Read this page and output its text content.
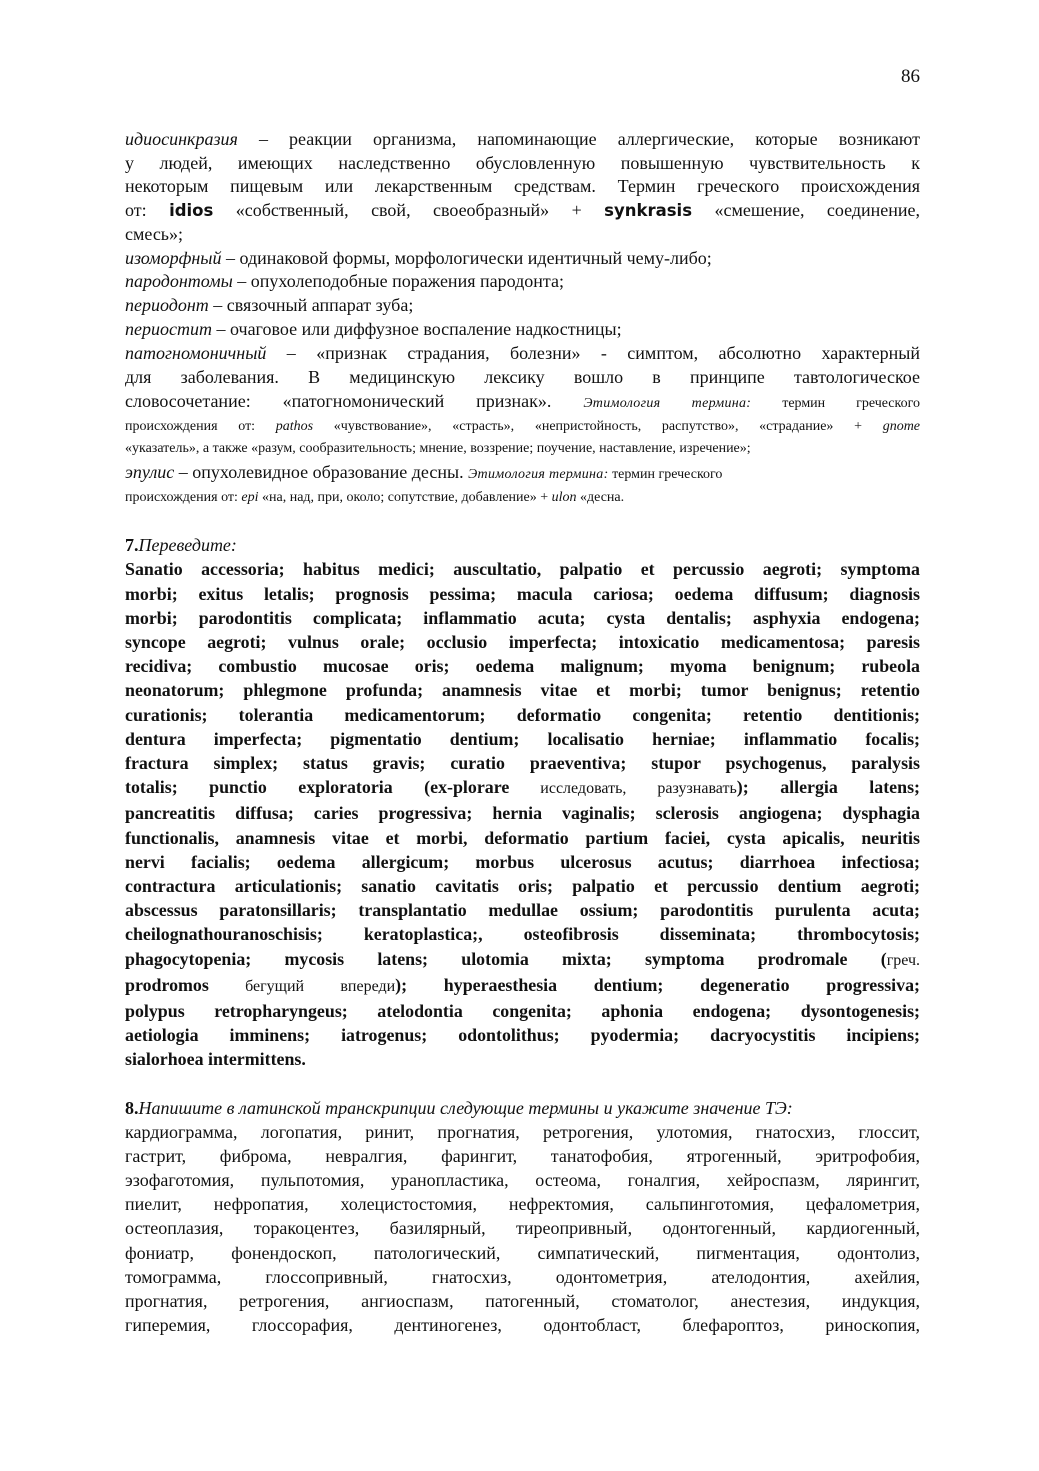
86

идиосинкразия – реакции организма, напоминающие аллергические, которые возникают

у людей, имеющих наследственно обусловленную повышенную чувствительность к

некоторым пищевым или лекарственным средствам. Термин греческого происхождения

от: idios «собственный, свой, своеобразный» + synkrasis «смешение, соединение,

смесь»;

изоморфный – одинаковой формы, морфологически идентичный чему-либо;

пародонтомы – опухолеподобные поражения пародонта;

периодонт – связочный аппарат зуба;

периостит – очаговое или диффузное воспаление надкостницы;

патогномоничный – «признак страдания, болезни» - симптом, абсолютно характерный

для заболевания. В медицинскую лексику вошло в принципе тавтологическое

словосочетание: «патогномонический признак». Этимология термина: термин греческого

происхождения от: pathos «чувствование», «страсть», «непристойность, распутство», «страдание» + gnome

«указатель», а также «разум, сообразительность; мнение, воззрение; поучение, наставление, изречение»;

эпулис – опухолевидное образование десны. Этимология термина: термин греческого

происхождения от: epi «на, над, при, около; сопутствие, добавление» + ulon «десна.

7.Переведите:

Sanatio accessoria; habitus medici; auscultatio, palpatio et percussio aegroti; symptoma

morbi; exitus letalis; prognosis pessima; macula cariosa; oedema diffusum; diagnosis

morbi; parodontitis complicata; inflammatio acuta; cysta dentalis; asphyxia endogena;

syncope aegroti; vulnus orale; occlusio imperfecta; intoxicatio medicamentosa; paresis

recidiva; combustio mucosae oris; oedema malignum; myoma benignum; rubeola

neonatorum; phlegmone profunda; anamnesis vitae et morbi; tumor benignus; retentio

curationis; tolerantia medicamentorum; deformatio congenita; retentio dentitionis;

dentura imperfecta; pigmentatio dentium; localisatio herniae; inflammatio focalis;

fractura simplex; status gravis; curatio praeventiva; stupor psychogenus, paralysis

totalis; punctio exploratoria (ex-plorare исследовать, разузнавать); allergia latens;

pancreatitis diffusa; caries progressiva; hernia vaginalis; sclerosis angiogena; dysphagia

functionalis, anamnesis vitae et morbi, deformatio partium faciei, cysta apicalis, neuritis

nervi facialis; oedema allergicum; morbus ulcerosus acutus; diarrhoea infectiosa;

contractura articulationis; sanatio cavitatis oris; palpatio et percussio dentium aegroti;

abscessus paratonsillaris; transplantatio medullae ossium; parodontitis purulenta acuta;

cheilognathouranoschisis; keratoplastica;, osteofibrosis disseminata; thrombocytosis;

phagocytopenia; mycosis latens; ulotomia mixta; symptoma prodromale (греч.

prodromos бегущий впереди); hyperaesthesia dentium; degeneratio progressiva;

polypus retropharyngeus; atelodontia congenita; aphonia endogena; dysontogenesis;

aetiologia imminens; iatrogenus; odontolithus; pyodermia; dacryocystitis incipiens;

sialorhoea intermittens.

8.Напишите в латинской транскрипции следующие термины и укажите значение ТЭ:

кардиограмма, логопатия, ринит, прогнатия, ретрогения, улотомия, гнатосхиз, глоссит,

гастрит, фиброма, невралгия, фарингит, танатофобия, ятрогенный, эритрофобия,

эзофаготомия, пульпотомия, уранопластика, остеома, гоналгия, хейроспазм, лярингит,

пиелит, нефропатия, холецистостомия, нефректомия, сальпинготомия, цефалометрия,

остеоплазия, торакоцентез, базилярный, тиреопривный, одонтогенный, кардиогенный,

фониатр, фонендоскоп, патологический, симпатический, пигментация, одонтолиз,

томограмма, глоссопривный, гнатосхиз, одонтометрия, ателодонтия, ахейлия,

прогнатия, ретрогения, ангиоспазм, патогенный, стоматолог, анестезия, индукция,

гиперемия, глоссорафия, дентиногенез, одонтобласт, блефароптоз, риноскопия,
